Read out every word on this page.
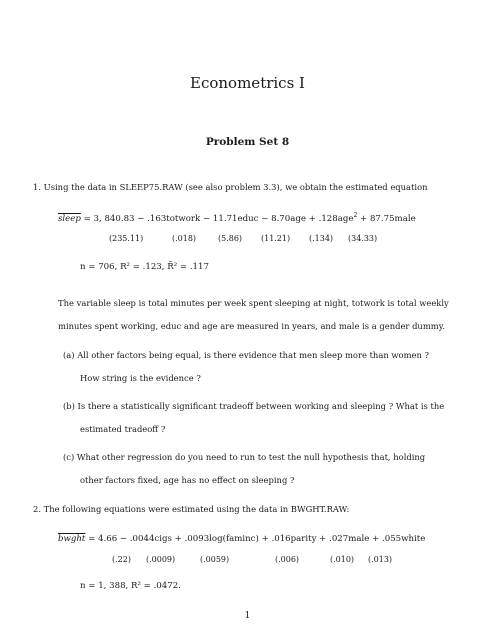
Econometrics I
Problem Set 8
1. Using the data in SLEEP75.RAW (see also problem 3.3), we obtain the estimated equation
sleep = 3, 840.83 − .163totwork − 11.71educ − 8.70age + .128age$^2$ + 87.75male
(235.11)	(.018)	(5.86) (11.21) (.134) (34.33)
n = 706, R² = .123, R̄² = .117
The variable sleep is total minutes per week spent sleeping at night, totwork is total weekly
minutes spent working, educ and age are measured in years, and male is a gender dummy.
(a) All other factors being equal, is there evidence that men sleep more than women ?
How string is the evidence ?
(b) Is there a statistically significant tradeoff between working and sleeping ? What is the
estimated tradeoff ?
(c) What other regression do you need to run to test the null hypothesis that, holding
other factors fixed, age has no effect on sleeping ?
2. The following equations were estimated using the data in BWGHT.RAW:
bwght = 4.66 − .0044cigs + .0093log(faminc) + .016parity + .027male + .055white
(.22) (.0009)	(.0059)	(.006)	(.010) (.013)
n = 1, 388, R² = .0472.
1
